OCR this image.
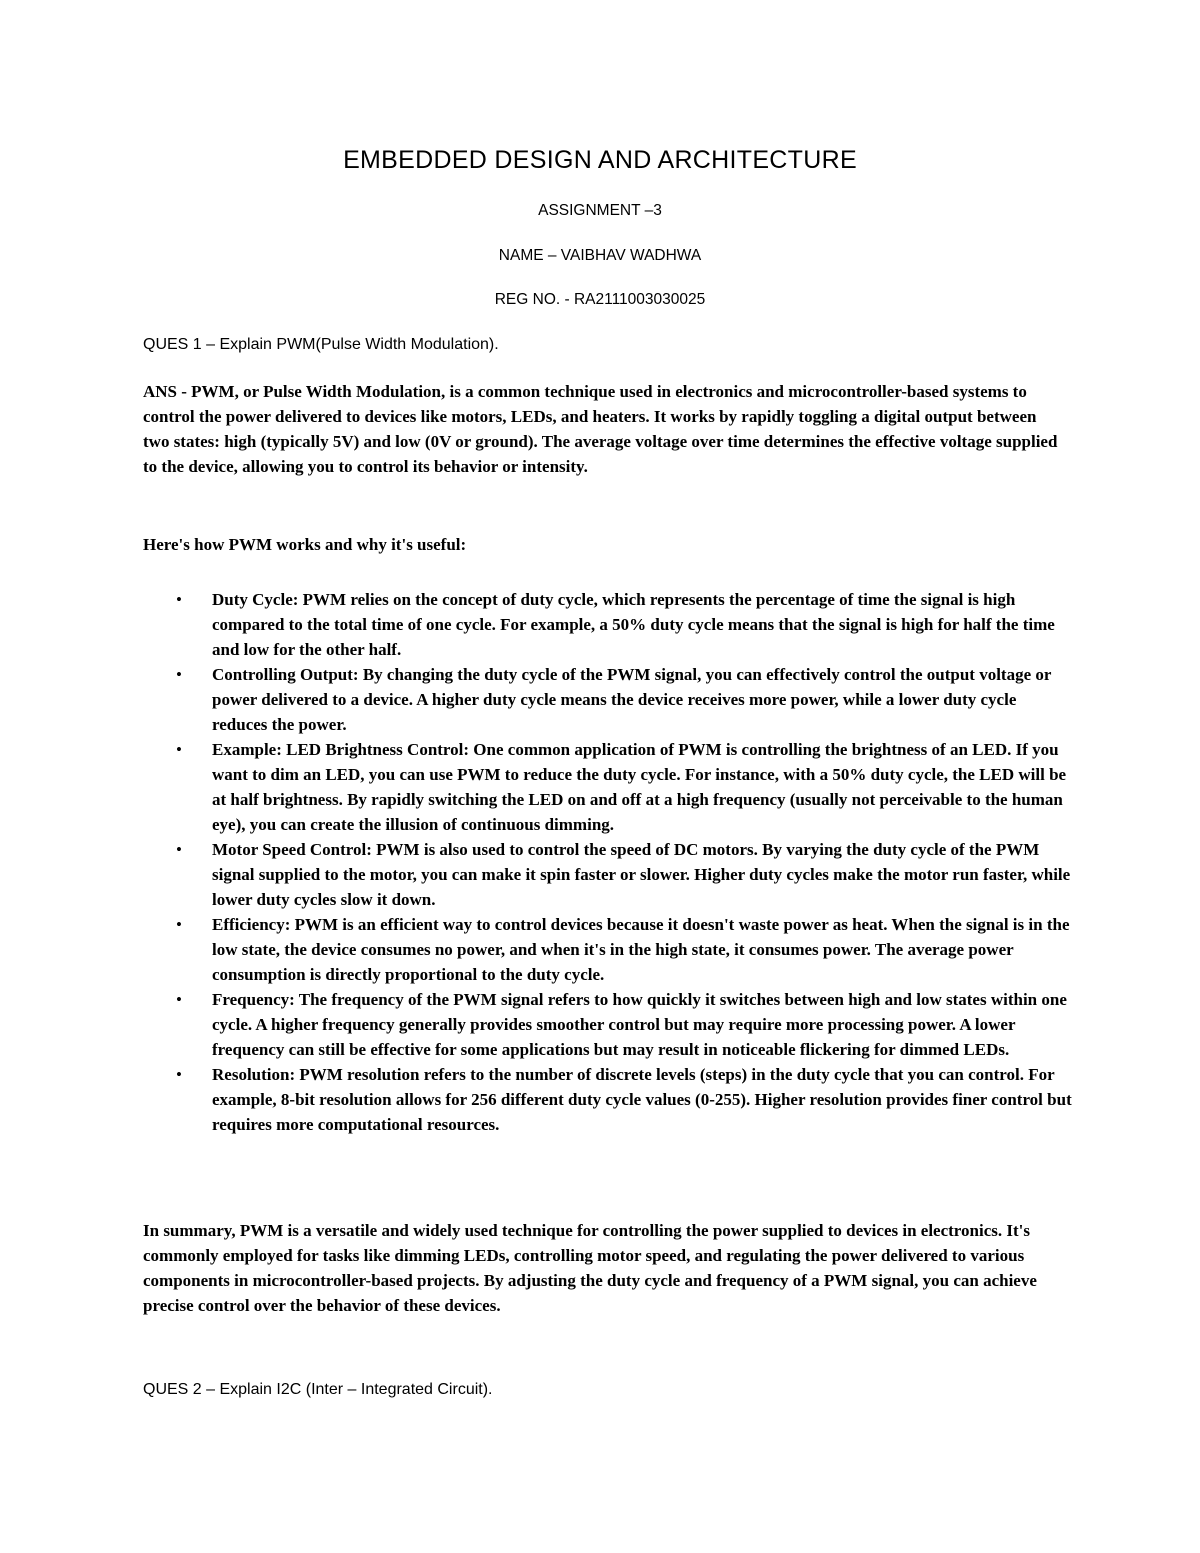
EMBEDDED DESIGN AND ARCHITECTURE
ASSIGNMENT –3
NAME – VAIBHAV WADHWA
REG NO. - RA2111003030025
QUES 1 – Explain PWM(Pulse Width Modulation).

ANS - PWM, or Pulse Width Modulation, is a common technique used in electronics and microcontroller-based systems to control the power delivered to devices like motors, LEDs, and heaters. It works by rapidly toggling a digital output between two states: high (typically 5V) and low (0V or ground). The average voltage over time determines the effective voltage supplied to the device, allowing you to control its behavior or intensity.

Here's how PWM works and why it's useful:

• Duty Cycle: PWM relies on the concept of duty cycle, which represents the percentage of time the signal is high compared to the total time of one cycle. For example, a 50% duty cycle means that the signal is high for half the time and low for the other half.
• Controlling Output: By changing the duty cycle of the PWM signal, you can effectively control the output voltage or power delivered to a device. A higher duty cycle means the device receives more power, while a lower duty cycle reduces the power.
• Example: LED Brightness Control: One common application of PWM is controlling the brightness of an LED. If you want to dim an LED, you can use PWM to reduce the duty cycle. For instance, with a 50% duty cycle, the LED will be at half brightness. By rapidly switching the LED on and off at a high frequency (usually not perceivable to the human eye), you can create the illusion of continuous dimming.
• Motor Speed Control: PWM is also used to control the speed of DC motors. By varying the duty cycle of the PWM signal supplied to the motor, you can make it spin faster or slower. Higher duty cycles make the motor run faster, while lower duty cycles slow it down.
• Efficiency: PWM is an efficient way to control devices because it doesn't waste power as heat. When the signal is in the low state, the device consumes no power, and when it's in the high state, it consumes power. The average power consumption is directly proportional to the duty cycle.
• Frequency: The frequency of the PWM signal refers to how quickly it switches between high and low states within one cycle. A higher frequency generally provides smoother control but may require more processing power. A lower frequency can still be effective for some applications but may result in noticeable flickering for dimmed LEDs.
• Resolution: PWM resolution refers to the number of discrete levels (steps) in the duty cycle that you can control. For example, 8-bit resolution allows for 256 different duty cycle values (0-255). Higher resolution provides finer control but requires more computational resources.

In summary, PWM is a versatile and widely used technique for controlling the power supplied to devices in electronics. It's commonly employed for tasks like dimming LEDs, controlling motor speed, and regulating the power delivered to various components in microcontroller-based projects. By adjusting the duty cycle and frequency of a PWM signal, you can achieve precise control over the behavior of these devices.

QUES 2 – Explain I2C (Inter – Integrated Circuit).
